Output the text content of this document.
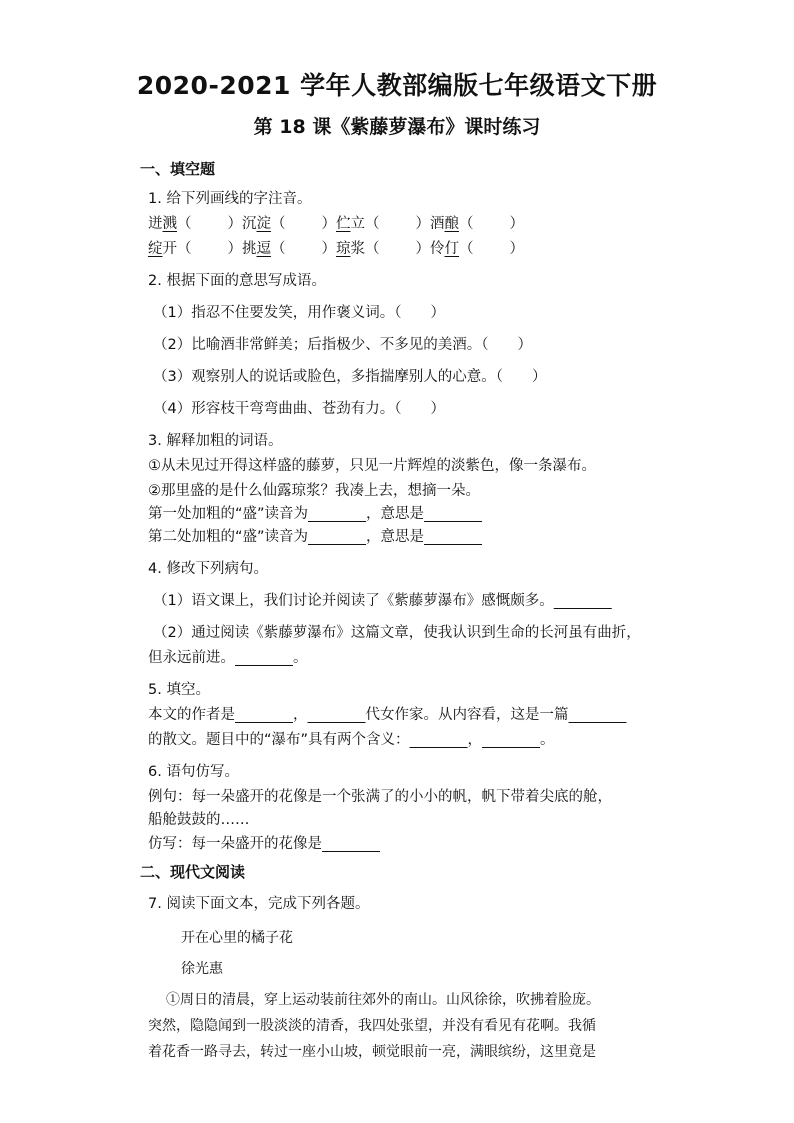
2020-2021 学年人教部编版七年级语文下册
第 18 课《紫藤萝瀑布》课时练习
一、填空题
1. 给下列画线的字注音。
迸溅（ ）沉淀（ ）伫立（ ）酒酿（ ）
绽开（ ）挑逗（ ）琼浆（ ）伶仃（ ）
2. 根据下面的意思写成语。
（1）指忍不住要发笑，用作褒义词。（　　）
（2）比喻酒非常鲜美；后指极少、不多见的美酒。（　　）
（3）观察别人的说话或脸色，多指揣摩别人的心意。（　　）
（4）形容枝干弯弯曲曲、苍劲有力。（　　）
3. 解释加粗的词语。
①从未见过开得这样盛的藤萝，只见一片辉煌的淡紫色，像一条瀑布。
②那里盛的是什么仙露琼浆？我凑上去，想摘一朵。
第一处加粗的“盛”读音为    	，意思是    
第二处加粗的“盛”读音为    	，意思是    
4. 修改下列病句。
（1）语文课上，我们讨论并阅读了《紫藤萝瀑布》感慨颇多。    
（2）通过阅读《紫藤萝瀑布》这篇文章，使我认识到生命的长河虽有曲折，
但永远前进。    	。
5. 填空。
本文的作者是    	，    	代女作家。从内容看，这是一篇    
的散文。题目中的“瀑布”具有两个含义：    	，    	。
6. 语句仿写。
例句：每一朵盛开的花像是一个张满了的小小的帆，帆下带着尖底的舱，
船舱鼓鼓的……
仿写：每一朵盛开的花像是    
二、现代文阅读
7. 阅读下面文本，完成下列各题。
开在心里的橘子花
徐光惠
①周日的清晨，穿上运动装前往郊外的南山。山风徐徐，吹拂着脸庞。
突然，隐隐闻到一股淡淡的清香，我四处张望，并没有看见有花啊。我循
着花香一路寻去，转过一座小山坡，顿觉眼前一亮，满眼缤纷，这里竟是
